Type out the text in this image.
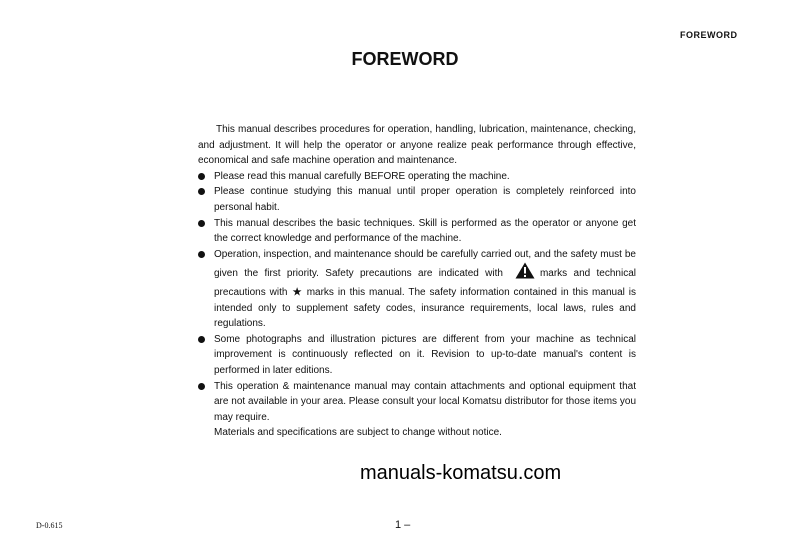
FOREWORD
FOREWORD

This manual describes procedures for operation, handling, lubrication, maintenance, checking, and adjustment. It will help the operator or anyone realize peak performance through effective, economical and safe machine operation and maintenance.

Please read this manual carefully BEFORE operating the machine.
Please continue studying this manual until proper operation is completely reinforced into personal habit.
This manual describes the basic techniques. Skill is performed as the operator or anyone get the correct knowledge and performance of the machine.
Operation, inspection, and maintenance should be carefully carried out, and the safety must be given the first priority. Safety precautions are indicated with	marks and technical precautions with ★ marks in this manual. The safety information contained in this manual is intended only to supplement safety codes, insurance requirements, local laws, rules and regulations.
Some photographs and illustration pictures are different from your machine as technical improvement is continuously reflected on it. Revision to up-to-date manual's content is performed in later editions.
This operation & maintenance manual may contain attachments and optional equipment that are not available in your area. Please consult your local Komatsu distributor for those items you may require.

Materials and specifications are subject to change without notice.

manuals-komatsu.com
D-0.615	1 –
